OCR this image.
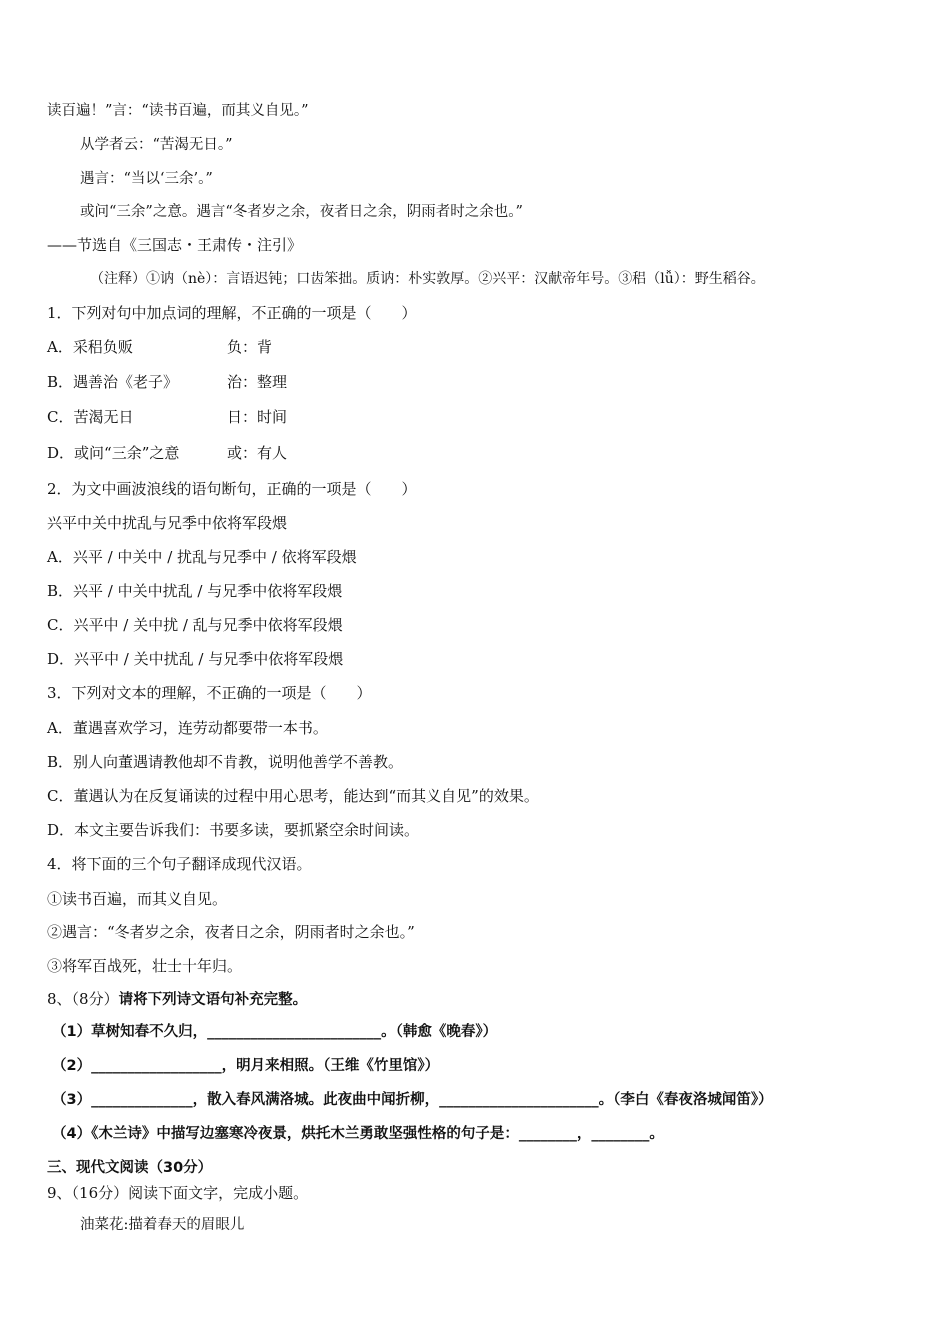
读百遍！”言：“读书百遍，而其义自见。”
从学者云：“苦渴无日。”
遇言：“当以‘三余’。”
或问“三余”之意。遇言“冬者岁之余，夜者日之余，阴雨者时之余也。”
——节选自《三国志・王肃传・注引》
（注释）①讷（nè）：言语迟钝；口齿笨拙。质讷：朴实敦厚。②兴平：汉献帝年号。③稆（lǚ）：野生稻谷。
1．下列对句中加点词的理解，不正确的一项是（　　）
A．采稆负贩	负：背
B．遇善治《老子》	治：整理
C．苦渴无日	日：时间
D．或问“三余”之意	或：有人
2．为文中画波浪线的语句断句，正确的一项是（　　）
兴平中关中扰乱与兄季中依将军段煨
A．兴平 / 中关中 / 扰乱与兄季中 / 依将军段煨
B．兴平 / 中关中扰乱 / 与兄季中依将军段煨
C．兴平中 / 关中扰 / 乱与兄季中依将军段煨
D．兴平中 / 关中扰乱 / 与兄季中依将军段煨
3．下列对文本的理解，不正确的一项是（　　）
A．董遇喜欢学习，连劳动都要带一本书。
B．别人向董遇请教他却不肯教，说明他善学不善教。
C．董遇认为在反复诵读的过程中用心思考，能达到“而其义自见”的效果。
D．本文主要告诉我们：书要多读，要抓紧空余时间读。
4．将下面的三个句子翻译成现代汉语。
①读书百遍，而其义自见。
②遇言：“冬者岁之余，夜者日之余，阴雨者时之余也。”
③将军百战死，壮士十年归。
8、（8分）请将下列诗文语句补充完整。
（1）草树知春不久归，________________________。（韩愈《晚春》）
（2）__________________，明月来相照。（王维《竹里馆》）
（3）______________，散入春风满洛城。此夜曲中闻折柳，______________________。（李白《春夜洛城闻笛》）
（4）《木兰诗》中描写边塞寒冷夜景，烘托木兰勇敢坚强性格的句子是：________，________。
三、现代文阅读（30分）
9、（16分）阅读下面文字，完成小题。
油菜花:描着春天的眉眼儿
